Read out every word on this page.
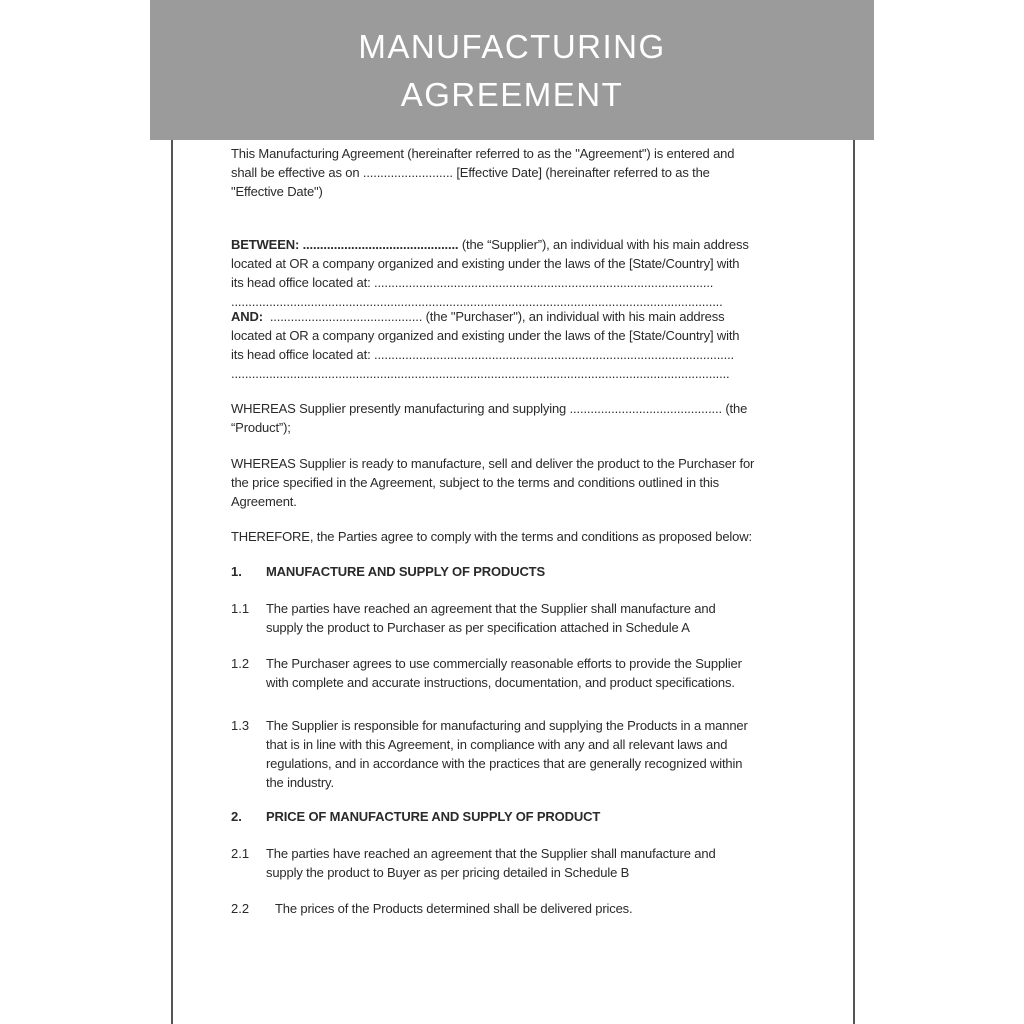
MANUFACTURING
AGREEMENT
This Manufacturing Agreement (hereinafter referred to as the "Agreement") is entered and
shall be effective as on .......................... [Effective Date] (hereinafter referred to as the
"Effective Date")
BETWEEN: ............................................. (the “Supplier”), an individual with his main address
located at OR a company organized and existing under the laws of the [State/Country] with
its head office located at: ..................................................................................................
..............................................................................................................................................
AND:  ............................................ (the "Purchaser"), an individual with his main address
located at OR a company organized and existing under the laws of the [State/Country] with
its head office located at: ........................................................................................................
................................................................................................................................................
WHEREAS Supplier presently manufacturing and supplying ............................................ (the
“Product”);
WHEREAS Supplier is ready to manufacture, sell and deliver the product to the Purchaser for
the price specified in the Agreement, subject to the terms and conditions outlined in this
Agreement.
THEREFORE, the Parties agree to comply with the terms and conditions as proposed below:
1. MANUFACTURE AND SUPPLY OF PRODUCTS
1.1 The parties have reached an agreement that the Supplier shall manufacture and
supply the product to Purchaser as per specification attached in Schedule A
1.2 The Purchaser agrees to use commercially reasonable efforts to provide the Supplier
with complete and accurate instructions, documentation, and product specifications.
1.3 The Supplier is responsible for manufacturing and supplying the Products in a manner
that is in line with this Agreement, in compliance with any and all relevant laws and
regulations, and in accordance with the practices that are generally recognized within
the industry.
2. PRICE OF MANUFACTURE AND SUPPLY OF PRODUCT
2.1 The parties have reached an agreement that the Supplier shall manufacture and
supply the product to Buyer as per pricing detailed in Schedule B
2.2 The prices of the Products determined shall be delivered prices.
